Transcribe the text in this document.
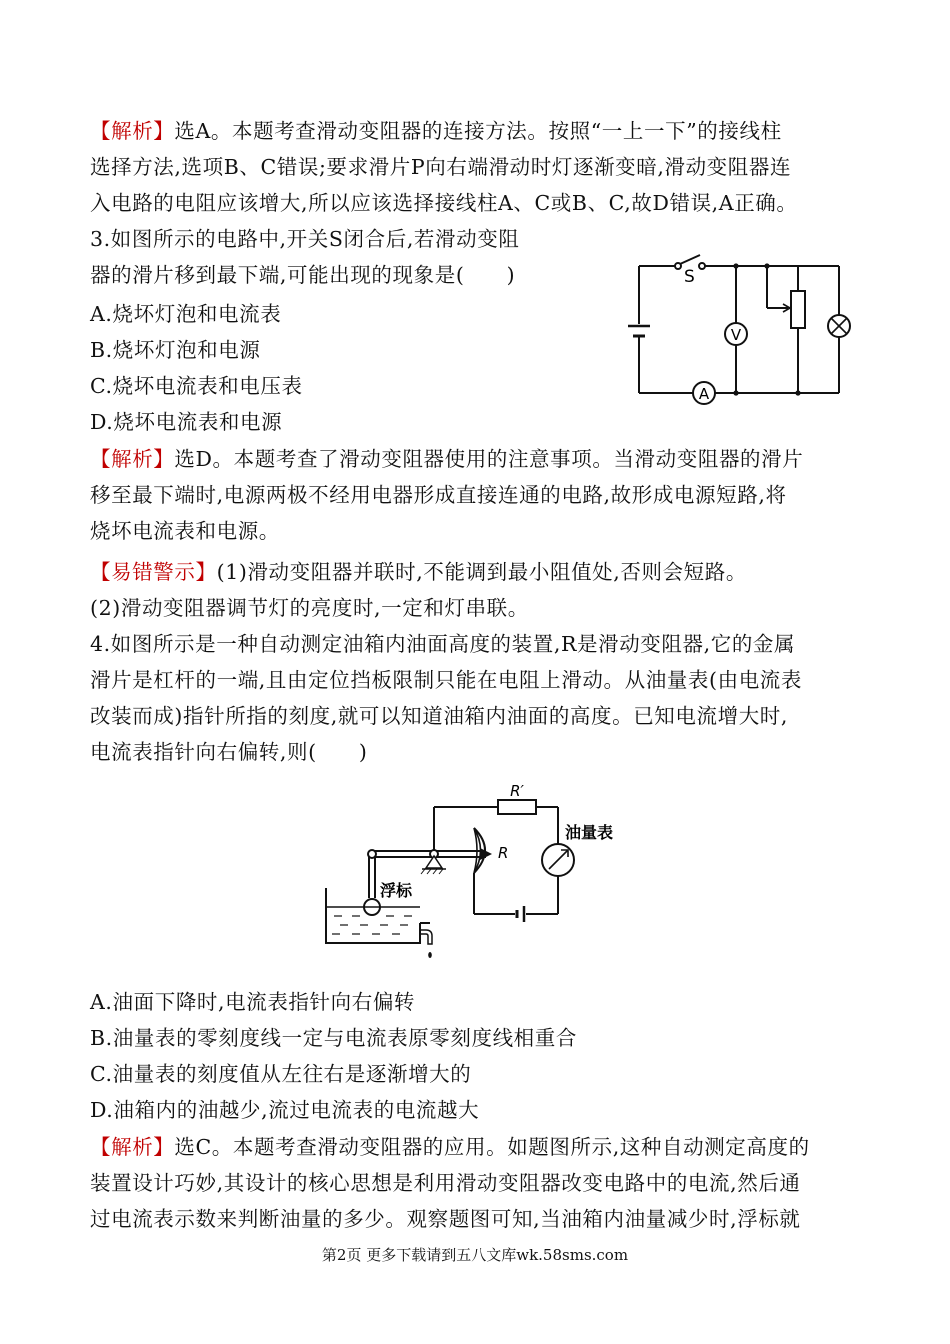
【解析】选A。本题考查滑动变阻器的连接方法。按照“一上一下”的接线柱
选择方法,选项B、C错误;要求滑片P向右端滑动时灯逐渐变暗,滑动变阻器连
入电路的电阻应该增大,所以应该选择接线柱A、C或B、C,故D错误,A正确。
3.如图所示的电路中,开关S闭合后,若滑动变阻
器的滑片移到最下端,可能出现的现象是(　　)
A.烧坏灯泡和电流表
B.烧坏灯泡和电源
C.烧坏电流表和电压表
D.烧坏电流表和电源
S
V
A
【解析】选D。本题考查了滑动变阻器使用的注意事项。当滑动变阻器的滑片
移至最下端时,电源两极不经用电器形成直接连通的电路,故形成电源短路,将
烧坏电流表和电源。
【易错警示】(1)滑动变阻器并联时,不能调到最小阻值处,否则会短路。
(2)滑动变阻器调节灯的亮度时,一定和灯串联。
4.如图所示是一种自动测定油箱内油面高度的装置,R是滑动变阻器,它的金属
滑片是杠杆的一端,且由定位挡板限制只能在电阻上滑动。从油量表(由电流表
改装而成)指针所指的刻度,就可以知道油箱内油面的高度。已知电流增大时,
电流表指针向右偏转,则(　　)
R′
R
油量表
浮标
A.油面下降时,电流表指针向右偏转
B.油量表的零刻度线一定与电流表原零刻度线相重合
C.油量表的刻度值从左往右是逐渐增大的
D.油箱内的油越少,流过电流表的电流越大
【解析】选C。本题考查滑动变阻器的应用。如题图所示,这种自动测定高度的
装置设计巧妙,其设计的核心思想是利用滑动变阻器改变电路中的电流,然后通
过电流表示数来判断油量的多少。观察题图可知,当油箱内油量减少时,浮标就
第2页 更多下载请到五八文库wk.58sms.com
